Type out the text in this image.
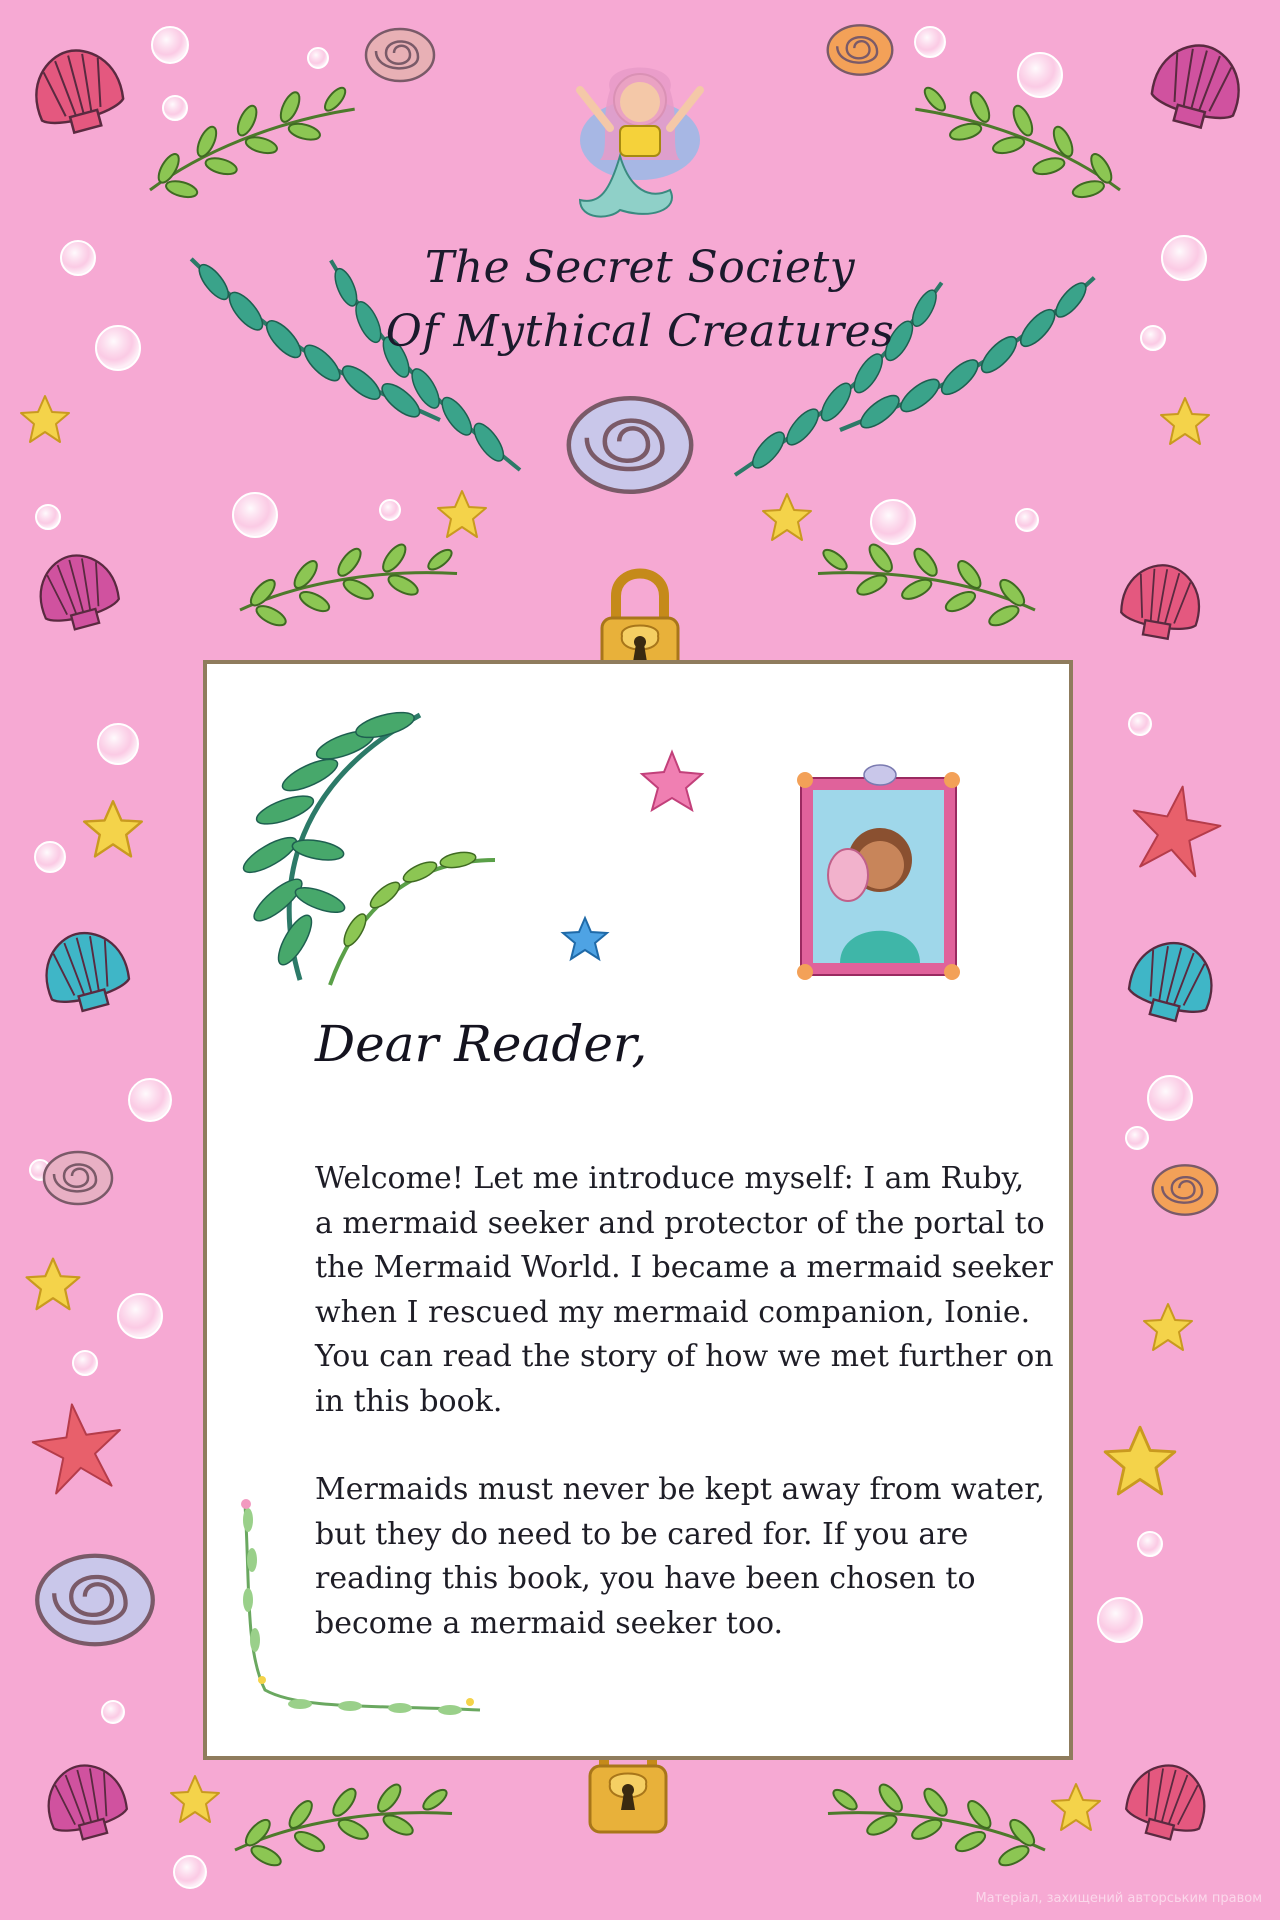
The Secret Society
Of Mythical Creatures
Dear Reader,
Welcome! Let me introduce myself: I am Ruby,
a mermaid seeker and protector of the portal to
the Mermaid World. I became a mermaid seeker
when I rescued my mermaid companion, Ionie.
You can read the story of how we met further on
in this book.
Mermaids must never be kept away from water,
but they do need to be cared for. If you are
reading this book, you have been chosen to
become a mermaid seeker too.
Матеріал, захищений авторським правом
